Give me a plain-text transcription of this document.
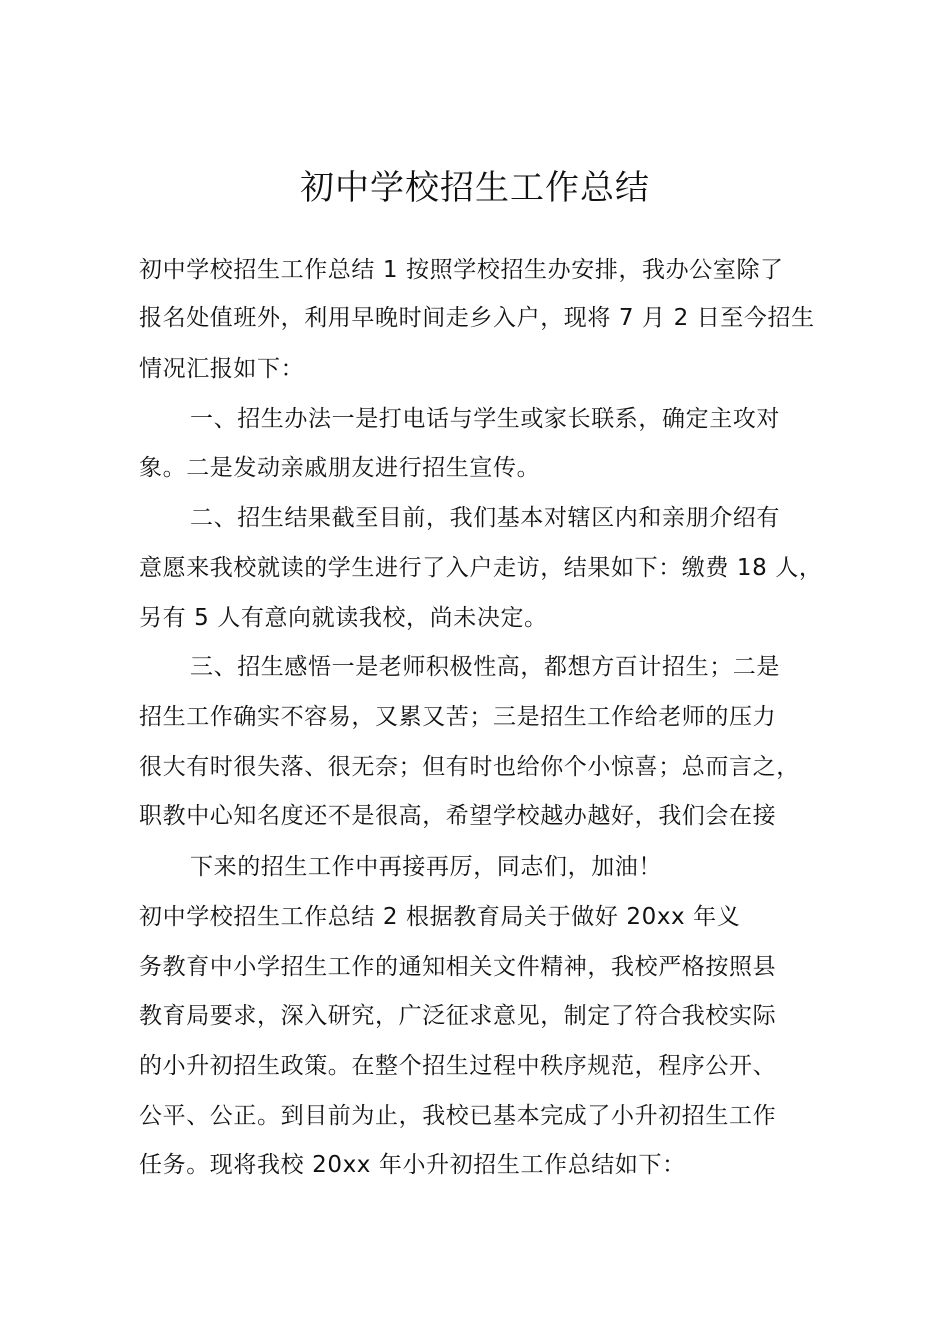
初中学校招生工作总结
初中学校招生工作总结 1 按照学校招生办安排，我办公室除了
报名处值班外，利用早晚时间走乡入户，现将 7 月 2 日至今招生
情况汇报如下：
一、招生办法一是打电话与学生或家长联系，确定主攻对
象。二是发动亲戚朋友进行招生宣传。
二、招生结果截至目前，我们基本对辖区内和亲朋介绍有
意愿来我校就读的学生进行了入户走访，结果如下：缴费 18 人，
另有 5 人有意向就读我校，尚未决定。
三、招生感悟一是老师积极性高，都想方百计招生；二是
招生工作确实不容易，又累又苦；三是招生工作给老师的压力
很大有时很失落、很无奈；但有时也给你个小惊喜；总而言之，
职教中心知名度还不是很高，希望学校越办越好，我们会在接
下来的招生工作中再接再厉，同志们，加油！
初中学校招生工作总结 2 根据教育局关于做好 20xx 年义
务教育中小学招生工作的通知相关文件精神，我校严格按照县
教育局要求，深入研究，广泛征求意见，制定了符合我校实际
的小升初招生政策。在整个招生过程中秩序规范，程序公开、
公平、公正。到目前为止，我校已基本完成了小升初招生工作
任务。现将我校 20xx 年小升初招生工作总结如下：
